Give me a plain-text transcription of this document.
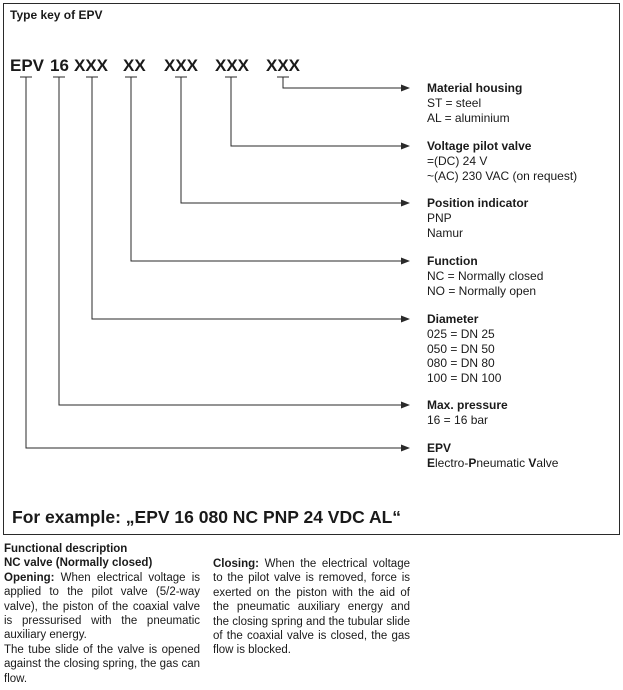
Type key of EPV
EPV 16 XXX XX XXX XXX XXX
Material housing
ST = steel
AL = aluminium
Voltage pilot valve
=(DC) 24 V
~(AC) 230 VAC (on request)
Position indicator
PNP
Namur
Function
NC = Normally closed
NO = Normally open
Diameter
025 = DN 25
050 = DN 50
080 = DN 80
100 = DN 100
Max. pressure
16 = 16 bar
EPV
Electro-Pneumatic Valve
For example: „EPV 16 080 NC PNP 24 VDC AL“
Functional description
NC valve (Normally closed)

Opening: When electrical voltage is applied to the pilot valve (5/2-way valve), the piston of the coaxial valve is pressurised with the pneumatic auxiliary energy.

The tube slide of the valve is opened against the closing spring, the gas can flow.

Closing: When the electrical voltage to the pilot valve is removed, force is exerted on the piston with the aid of the pneumatic auxiliary energy and the closing spring and the tubular slide of the coaxial valve is closed, the gas flow is blocked.
